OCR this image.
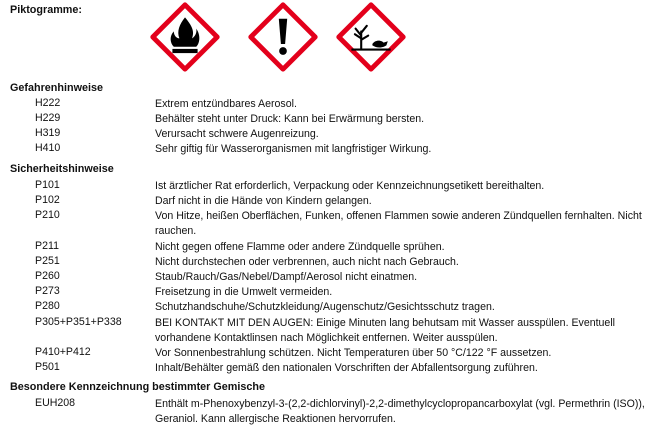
Piktogramme:
Gefahrenhinweise
H222	Extrem entzündbares Aerosol.
H229	Behälter steht unter Druck: Kann bei Erwärmung bersten.
H319	Verursacht schwere Augenreizung.
H410	Sehr giftig für Wasserorganismen mit langfristiger Wirkung.
Sicherheitshinweise
P101	Ist ärztlicher Rat erforderlich, Verpackung oder Kennzeichnungsetikett bereithalten.
P102	Darf nicht in die Hände von Kindern gelangen.
P210	Von Hitze, heißen Oberflächen, Funken, offenen Flammen sowie anderen Zündquellen fernhalten. Nicht rauchen.
P211	Nicht gegen offene Flamme oder andere Zündquelle sprühen.
P251	Nicht durchstechen oder verbrennen, auch nicht nach Gebrauch.
P260	Staub/Rauch/Gas/Nebel/Dampf/Aerosol nicht einatmen.
P273	Freisetzung in die Umwelt vermeiden.
P280	Schutzhandschuhe/Schutzkleidung/Augenschutz/Gesichtsschutz tragen.
P305+P351+P338	BEI KONTAKT MIT DEN AUGEN: Einige Minuten lang behutsam mit Wasser ausspülen. Eventuell vorhandene Kontaktlinsen nach Möglichkeit entfernen. Weiter ausspülen.
P410+P412	Vor Sonnenbestrahlung schützen. Nicht Temperaturen über 50 °C/122 °F aussetzen.
P501	Inhalt/Behälter gemäß den nationalen Vorschriften der Abfallentsorgung zuführen.
Besondere Kennzeichnung bestimmter Gemische
EUH208	Enthält m-Phenoxybenzyl-3-(2,2-dichlorvinyl)-2,2-dimethylcyclopropancarboxylat (vgl. Permethrin (ISO)), Geraniol. Kann allergische Reaktionen hervorrufen.
